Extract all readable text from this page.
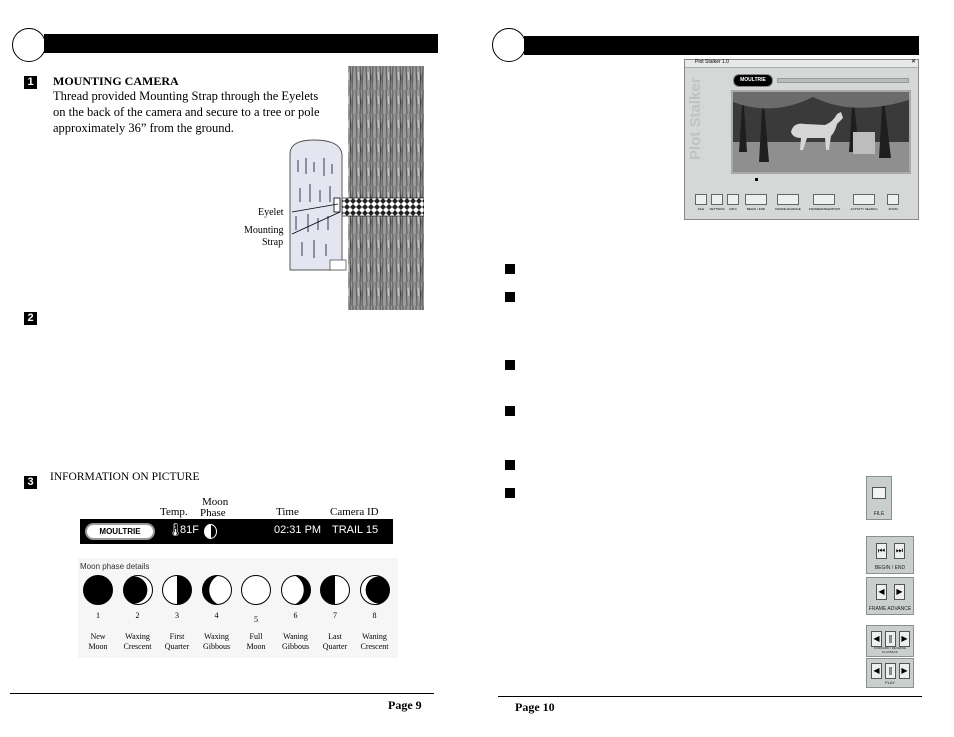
1 MOUNTING CAMERA
Thread provided Mounting Strap through the Eyelets on the back of the camera and secure to a tree or pole approximately 36” from the ground.
Eyelet
Mounting
Strap
2
3 INFORMATION ON PICTURE
Temp.
Moon
Phase	Time	Camera ID
MOULTRIE	🌡
81F	02:31 PM TRAIL 15
Moon phase details
Page 9
Plot Stalker 1.0	✕
MOULTRIE
Plot Stalker
FILE	SETTINGS	INFO	BEGIN / END	FRAME ADVANCE	FRAMERATE/EXPORT	ACTIVITY SEARCH	ZOOM
FILE
⏮ ⏭
BEGIN / END
◀	▶
FRAME ADVANCE
◀	‖	▶
FORWARD / REVERSE PLAYBACK
◀	‖	▶
PLAY
Page 10
1
New
Moon
2
Waxing
Crescent
3
First
Quarter
4
Waxing
Gibbous
5
Full
Moon
6
Waning
Gibbous
7
Last
Quarter
8
Waning
Crescent
